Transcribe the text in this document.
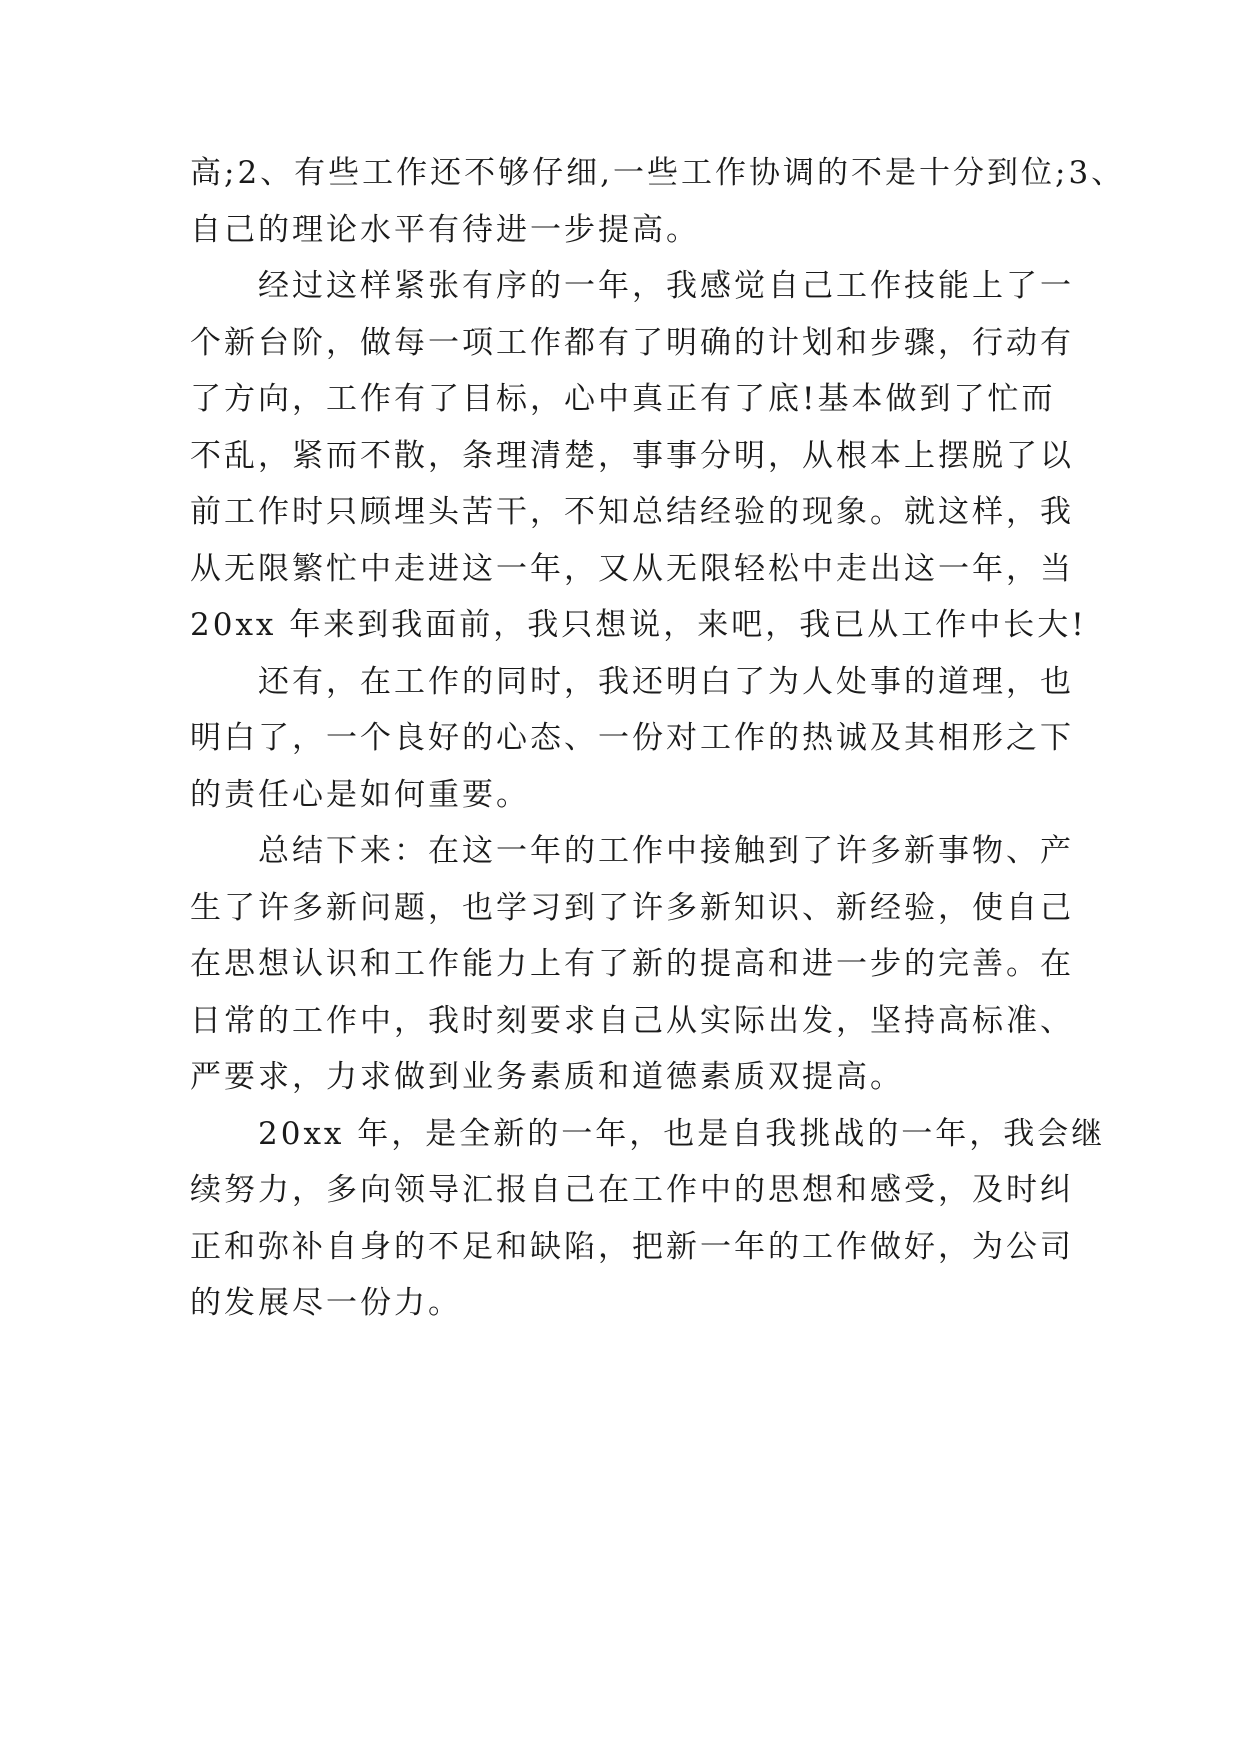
高;2、有些工作还不够仔细,一些工作协调的不是十分到位;3、
自己的理论水平有待进一步提高。
经过这样紧张有序的一年，我感觉自己工作技能上了一
个新台阶，做每一项工作都有了明确的计划和步骤，行动有
了方向，工作有了目标，心中真正有了底!基本做到了忙而
不乱，紧而不散，条理清楚，事事分明，从根本上摆脱了以
前工作时只顾埋头苦干，不知总结经验的现象。就这样，我
从无限繁忙中走进这一年，又从无限轻松中走出这一年，当
20xx 年来到我面前，我只想说，来吧，我已从工作中长大!
还有，在工作的同时，我还明白了为人处事的道理，也
明白了，一个良好的心态、一份对工作的热诚及其相形之下
的责任心是如何重要。
总结下来：在这一年的工作中接触到了许多新事物、产
生了许多新问题，也学习到了许多新知识、新经验，使自己
在思想认识和工作能力上有了新的提高和进一步的完善。在
日常的工作中，我时刻要求自己从实际出发，坚持高标准、
严要求，力求做到业务素质和道德素质双提高。
20xx 年，是全新的一年，也是自我挑战的一年，我会继
续努力，多向领导汇报自己在工作中的思想和感受，及时纠
正和弥补自身的不足和缺陷，把新一年的工作做好，为公司
的发展尽一份力。
